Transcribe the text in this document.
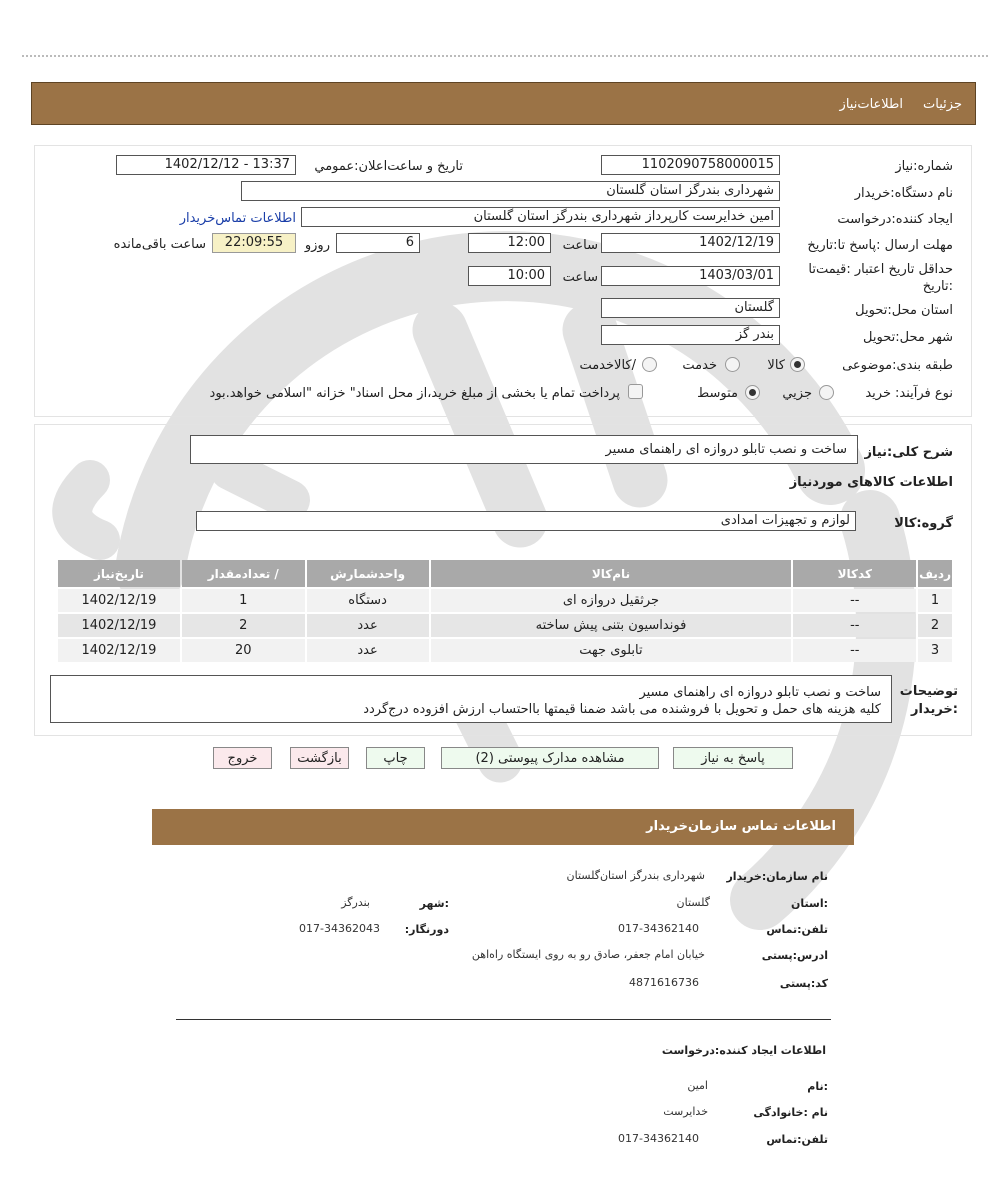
جزئیات
اطلاعات‌نیاز
شماره:نیاز
1102090758000015
تاریخ و ساعت‌اعلان:عمومي
1402/12/12 - 13:37
نام دستگاه:خریدار
شهرداری بندرگز استان گلستان
ایجاد کننده:درخواست
امین خدایرست کارپرداز شهرداری بندرگز استان گلستان
اطلاعات تماس‌خریدار
مهلت ارسال :پاسخ تا:تاریخ
1402/12/19
ساعت
12:00
6
روزو
22:09:55
ساعت باقی‌مانده
حداقل تاریخ اعتبار :قیمت‌تا :تاریخ
1403/03/01
ساعت
10:00
استان محل:تحویل
گلستان
شهر محل:تحویل
بندر گز
طبقه بندی:موضوعی
کالا
خدمت
/کالاخدمت
نوع فرآیند:
خرید
جزیي
متوسط
پرداخت تمام یا بخشی از مبلغ خرید،از محل اسناد" خزانه "اسلامی خواهد.بود
شرح کلی:نیاز
ساخت و نصب تابلو دروازه ای راهنمای مسیر
اطلاعات کالاهای مورد‌نیاز
گروه:کالا
لوازم و تجهیزات امدادی
ردیف	کدکالا	نام‌کالا	واحدشمارش	/ تعدادمقدار	تاریخ‌نیاز
1	--	جرثقیل دروازه ای	دستگاه	1	1402/12/19
2	--	فونداسیون بتنی پیش ساخته	عدد	2	1402/12/19
3	--	تابلوی جهت	عدد	20	1402/12/19
توضیحات
:خریدار
ساخت و نصب تابلو دروازه ای راهنمای مسیر
کلیه هزینه های حمل و تحویل با فروشنده می باشد ضمنا قیمتها بااحتساب ارزش افزوده درج‌گردد
پاسخ به نیاز
مشاهده مدارک پیوستی (2)
چاپ
بازگشت
خروج
اطلاعات تماس سازمان‌خریدار
نام سازمان:خریدار
شهرداری بندرگز استان‌گلستان
:استان
گلستان
:شهر
بندرگز
تلفن:تماس
017-34362140
دورنگار:
017-34362043
ادرس:پستی
خیابان امام جعفر، صادق رو به روی ایستگاه راه‌اهن
کد:پستی
4871616736
اطلاعات ایجاد کننده:درخواست
:نام
امین
نام :خانوادگی
خدایرست
تلفن:تماس
017-34362140
